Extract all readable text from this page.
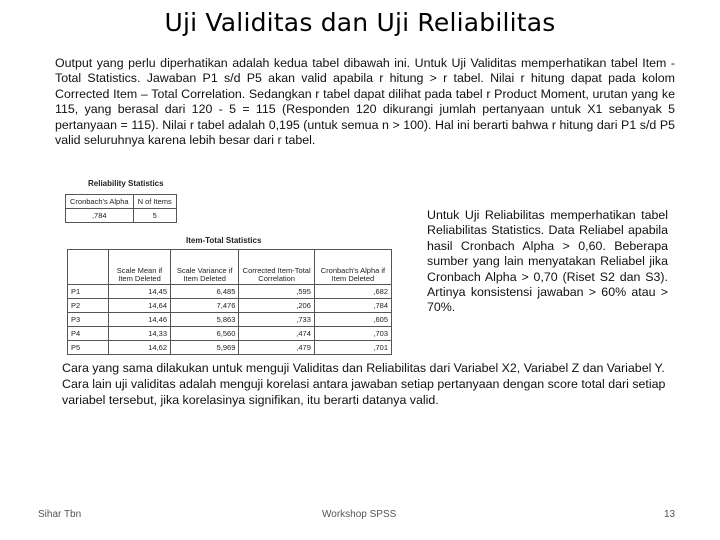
Uji Validitas dan Uji Reliabilitas
Output yang perlu diperhatikan adalah kedua tabel dibawah ini. Untuk Uji Validitas memperhatikan tabel Item - Total Statistics. Jawaban P1 s/d P5 akan valid apabila r hitung > r tabel. Nilai r hitung dapat pada kolom Corrected Item – Total Correlation. Sedangkan r tabel dapat dilihat pada tabel r Product Moment, urutan yang ke 115, yang berasal dari 120 - 5 = 115 (Responden 120 dikurangi jumlah pertanyaan untuk X1 sebanyak 5 pertanyaan = 115). Nilai r tabel adalah 0,195 (untuk semua n > 100). Hal ini berarti bahwa r hitung dari P1 s/d P5 valid seluruhnya karena lebih besar dari r tabel.
Reliability Statistics
Cronbach's Alpha	N of Items
,784	5
Item-Total Statistics
	Scale Mean if Item Deleted	Scale Variance if Item Deleted	Corrected Item-Total Correlation	Cronbach's Alpha if Item Deleted
P1	14,45	6,485	,595	,682
P2	14,64	7,476	,206	,784
P3	14,46	5,863	,733	,605
P4	14,33	6,560	,474	,703
P5	14,62	5,969	,479	,701
Untuk Uji Reliabilitas memperhatikan tabel Reliabilitas Statistics. Data Reliabel apabila hasil Cronbach Alpha > 0,60. Beberapa sumber yang lain menyatakan Reliabel jika Cronbach Alpha > 0,70 (Riset S2 dan S3). Artinya konsistensi jawaban > 60% atau > 70%.
Cara yang sama dilakukan untuk menguji Validitas dan Reliabilitas dari Variabel X2, Variabel Z dan Variabel Y. Cara lain uji validitas adalah menguji korelasi antara jawaban setiap pertanyaan dengan score total dari setiap variabel tersebut, jika korelasinya signifikan, itu berarti datanya valid.
Sihar Tbn	Workshop SPSS	13
